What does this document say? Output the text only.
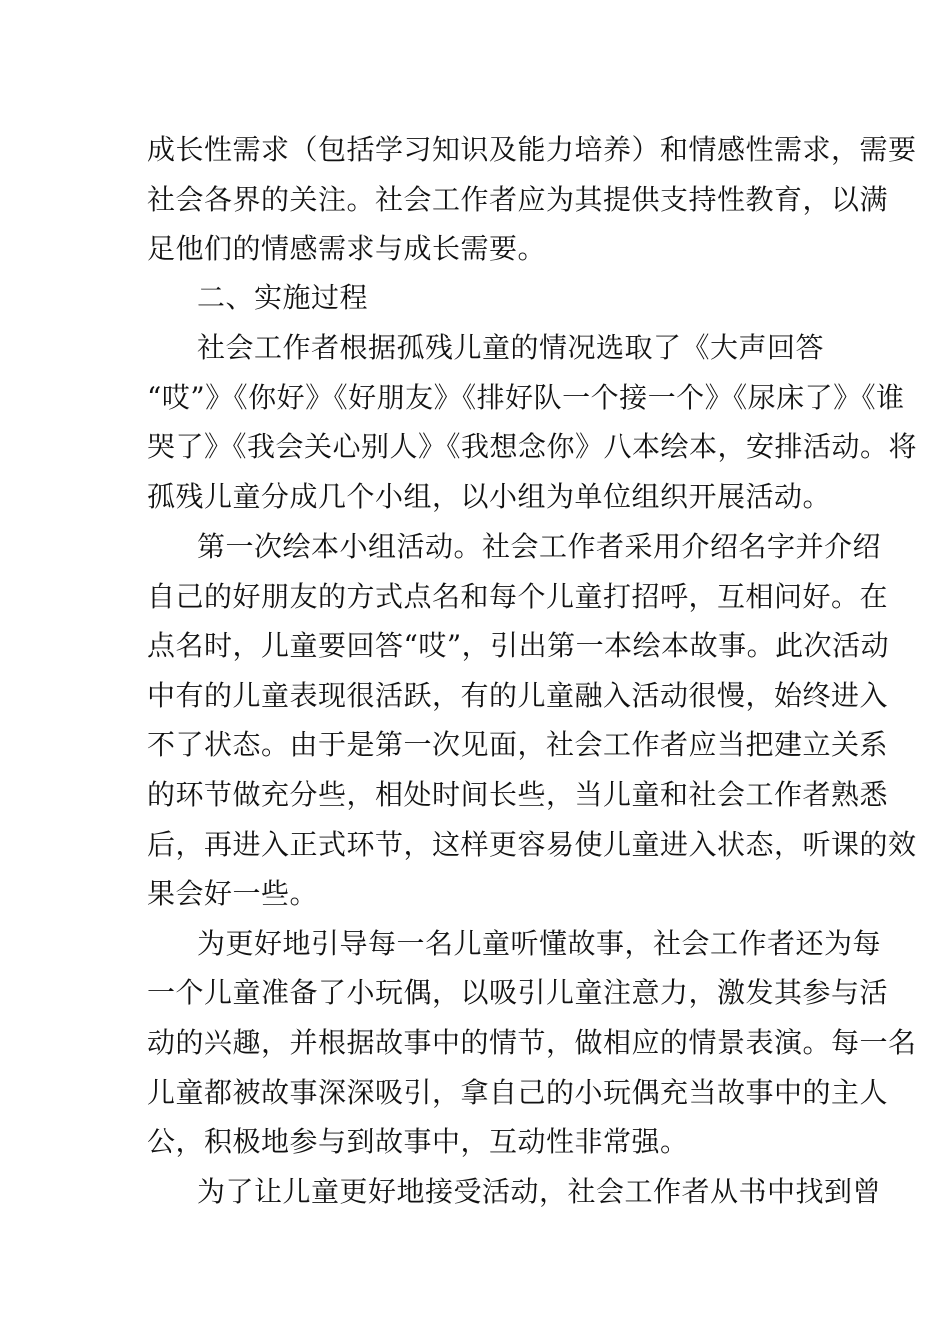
成长性需求（包括学习知识及能力培养）和情感性需求，需要
社会各界的关注。社会工作者应为其提供支持性教育，以满
足他们的情感需求与成长需要。
二、实施过程
社会工作者根据孤残儿童的情况选取了《大声回答
“哎”》《你好》《好朋友》《排好队一个接一个》《尿床了》《谁
哭了》《我会关心别人》《我想念你》八本绘本，安排活动。将
孤残儿童分成几个小组，以小组为单位组织开展活动。
第一次绘本小组活动。社会工作者采用介绍名字并介绍
自己的好朋友的方式点名和每个儿童打招呼，互相问好。在
点名时，儿童要回答“哎”，引出第一本绘本故事。此次活动
中有的儿童表现很活跃，有的儿童融入活动很慢，始终进入
不了状态。由于是第一次见面，社会工作者应当把建立关系
的环节做充分些，相处时间长些，当儿童和社会工作者熟悉
后，再进入正式环节，这样更容易使儿童进入状态，听课的效
果会好一些。
为更好地引导每一名儿童听懂故事，社会工作者还为每
一个儿童准备了小玩偶，以吸引儿童注意力，激发其参与活
动的兴趣，并根据故事中的情节，做相应的情景表演。每一名
儿童都被故事深深吸引，拿自己的小玩偶充当故事中的主人
公，积极地参与到故事中，互动性非常强。
为了让儿童更好地接受活动，社会工作者从书中找到曾
